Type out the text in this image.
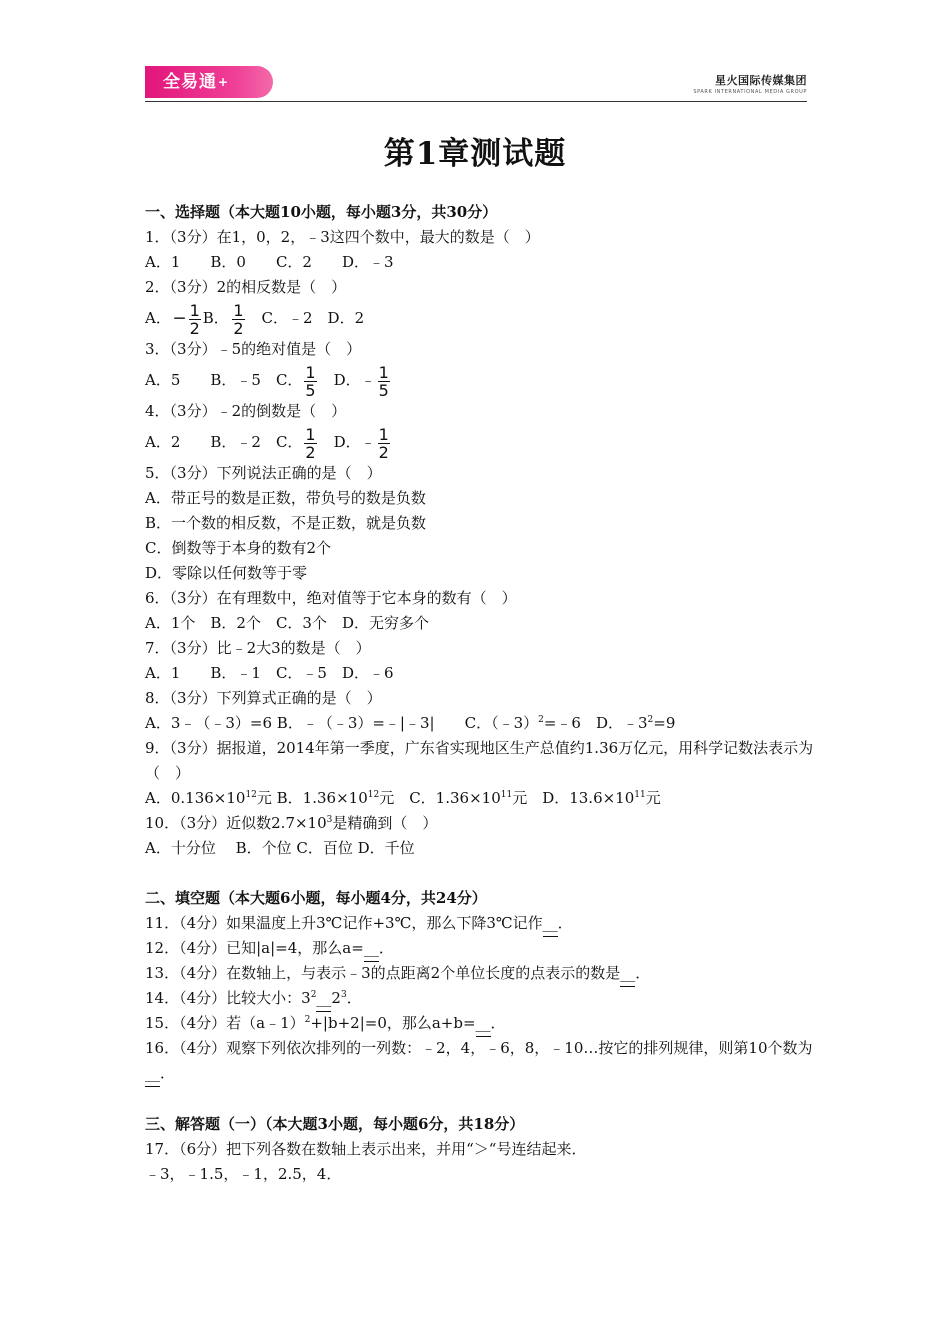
全易通+	星火国际传媒集团
SPARK INTERNATIONAL MEDIA GROUP
第1章测试题
一、选择题（本大题10小题，每小题3分，共30分）
1．（3分）在1，0，2，﹣3这四个数中，最大的数是（　）
A．1　　B．0　　C．2　　D．﹣3
2．（3分）2的相反数是（　）
A． − $\frac{1}{2}$ B．  $\frac{1}{2}$
　 C．﹣2　D．2
3．（3分）﹣5的绝对值是（　）
A．5　　B．﹣5　C． $\frac{1}{5}$
　 D．﹣ $\frac{1}{5}$
4．（3分）﹣2的倒数是（　）
A．2　　B．﹣2　C． $\frac{1}{2}$
　 D．﹣ $\frac{1}{2}$
5．（3分）下列说法正确的是（　）
A．带正号的数是正数，带负号的数是负数
B．一个数的相反数，不是正数，就是负数
C．倒数等于本身的数有2个
D．零除以任何数等于零
6．（3分）在有理数中，绝对值等于它本身的数有（　）
A．1个　B．2个　C．3个　D．无穷多个
7．（3分）比﹣2大3的数是（　）
A．1　　B．﹣1　C．﹣5　D．﹣6
8．（3分）下列算式正确的是（　）
A．3﹣（﹣3）=6 B．﹣（﹣3）=﹣|﹣3|　　C．（﹣3）$^2$=﹣6　D．$﹣3^2=9$
9．（3分）据报道，2014年第一季度，广东省实现地区生产总值约1.36万亿元，用科学记数法表示为（　）
A．$0.136\times 10^{12}$元 B．$1.36\times 10^{12}$元　C．$1.36\times 10^{11}$元　D．$13.6\times 10^{11}$元
10．（3分）近似数$2.7\times 10^3$是精确到（　）
A．十分位　 B．个位 C．百位 D．千位
二、填空题（本大题6小题，每小题4分，共24分）
11．（4分）如果温度上升3℃记作+3℃，那么下降3℃记作__．
12．（4分）已知|a|=4，那么a=__．
13．（4分）在数轴上，与表示﹣3的点距离2个单位长度的点表示的数是__．
14．（4分）比较大小：$3^2\_\_2^3$．
15．（4分）若（a﹣1）$^2$+|b+2|=0，那么a+b=__．
16．（4分）观察下列依次排列的一列数：﹣2，4，﹣6，8，﹣10…按它的排列规律，则第10个数为__．
三、解答题（一）（本大题3小题，每小题6分，共18分）
17．（6分）把下列各数在数轴上表示出来，并用“＞“号连结起来．
﹣3，﹣1.5，﹣1，2.5，4．
